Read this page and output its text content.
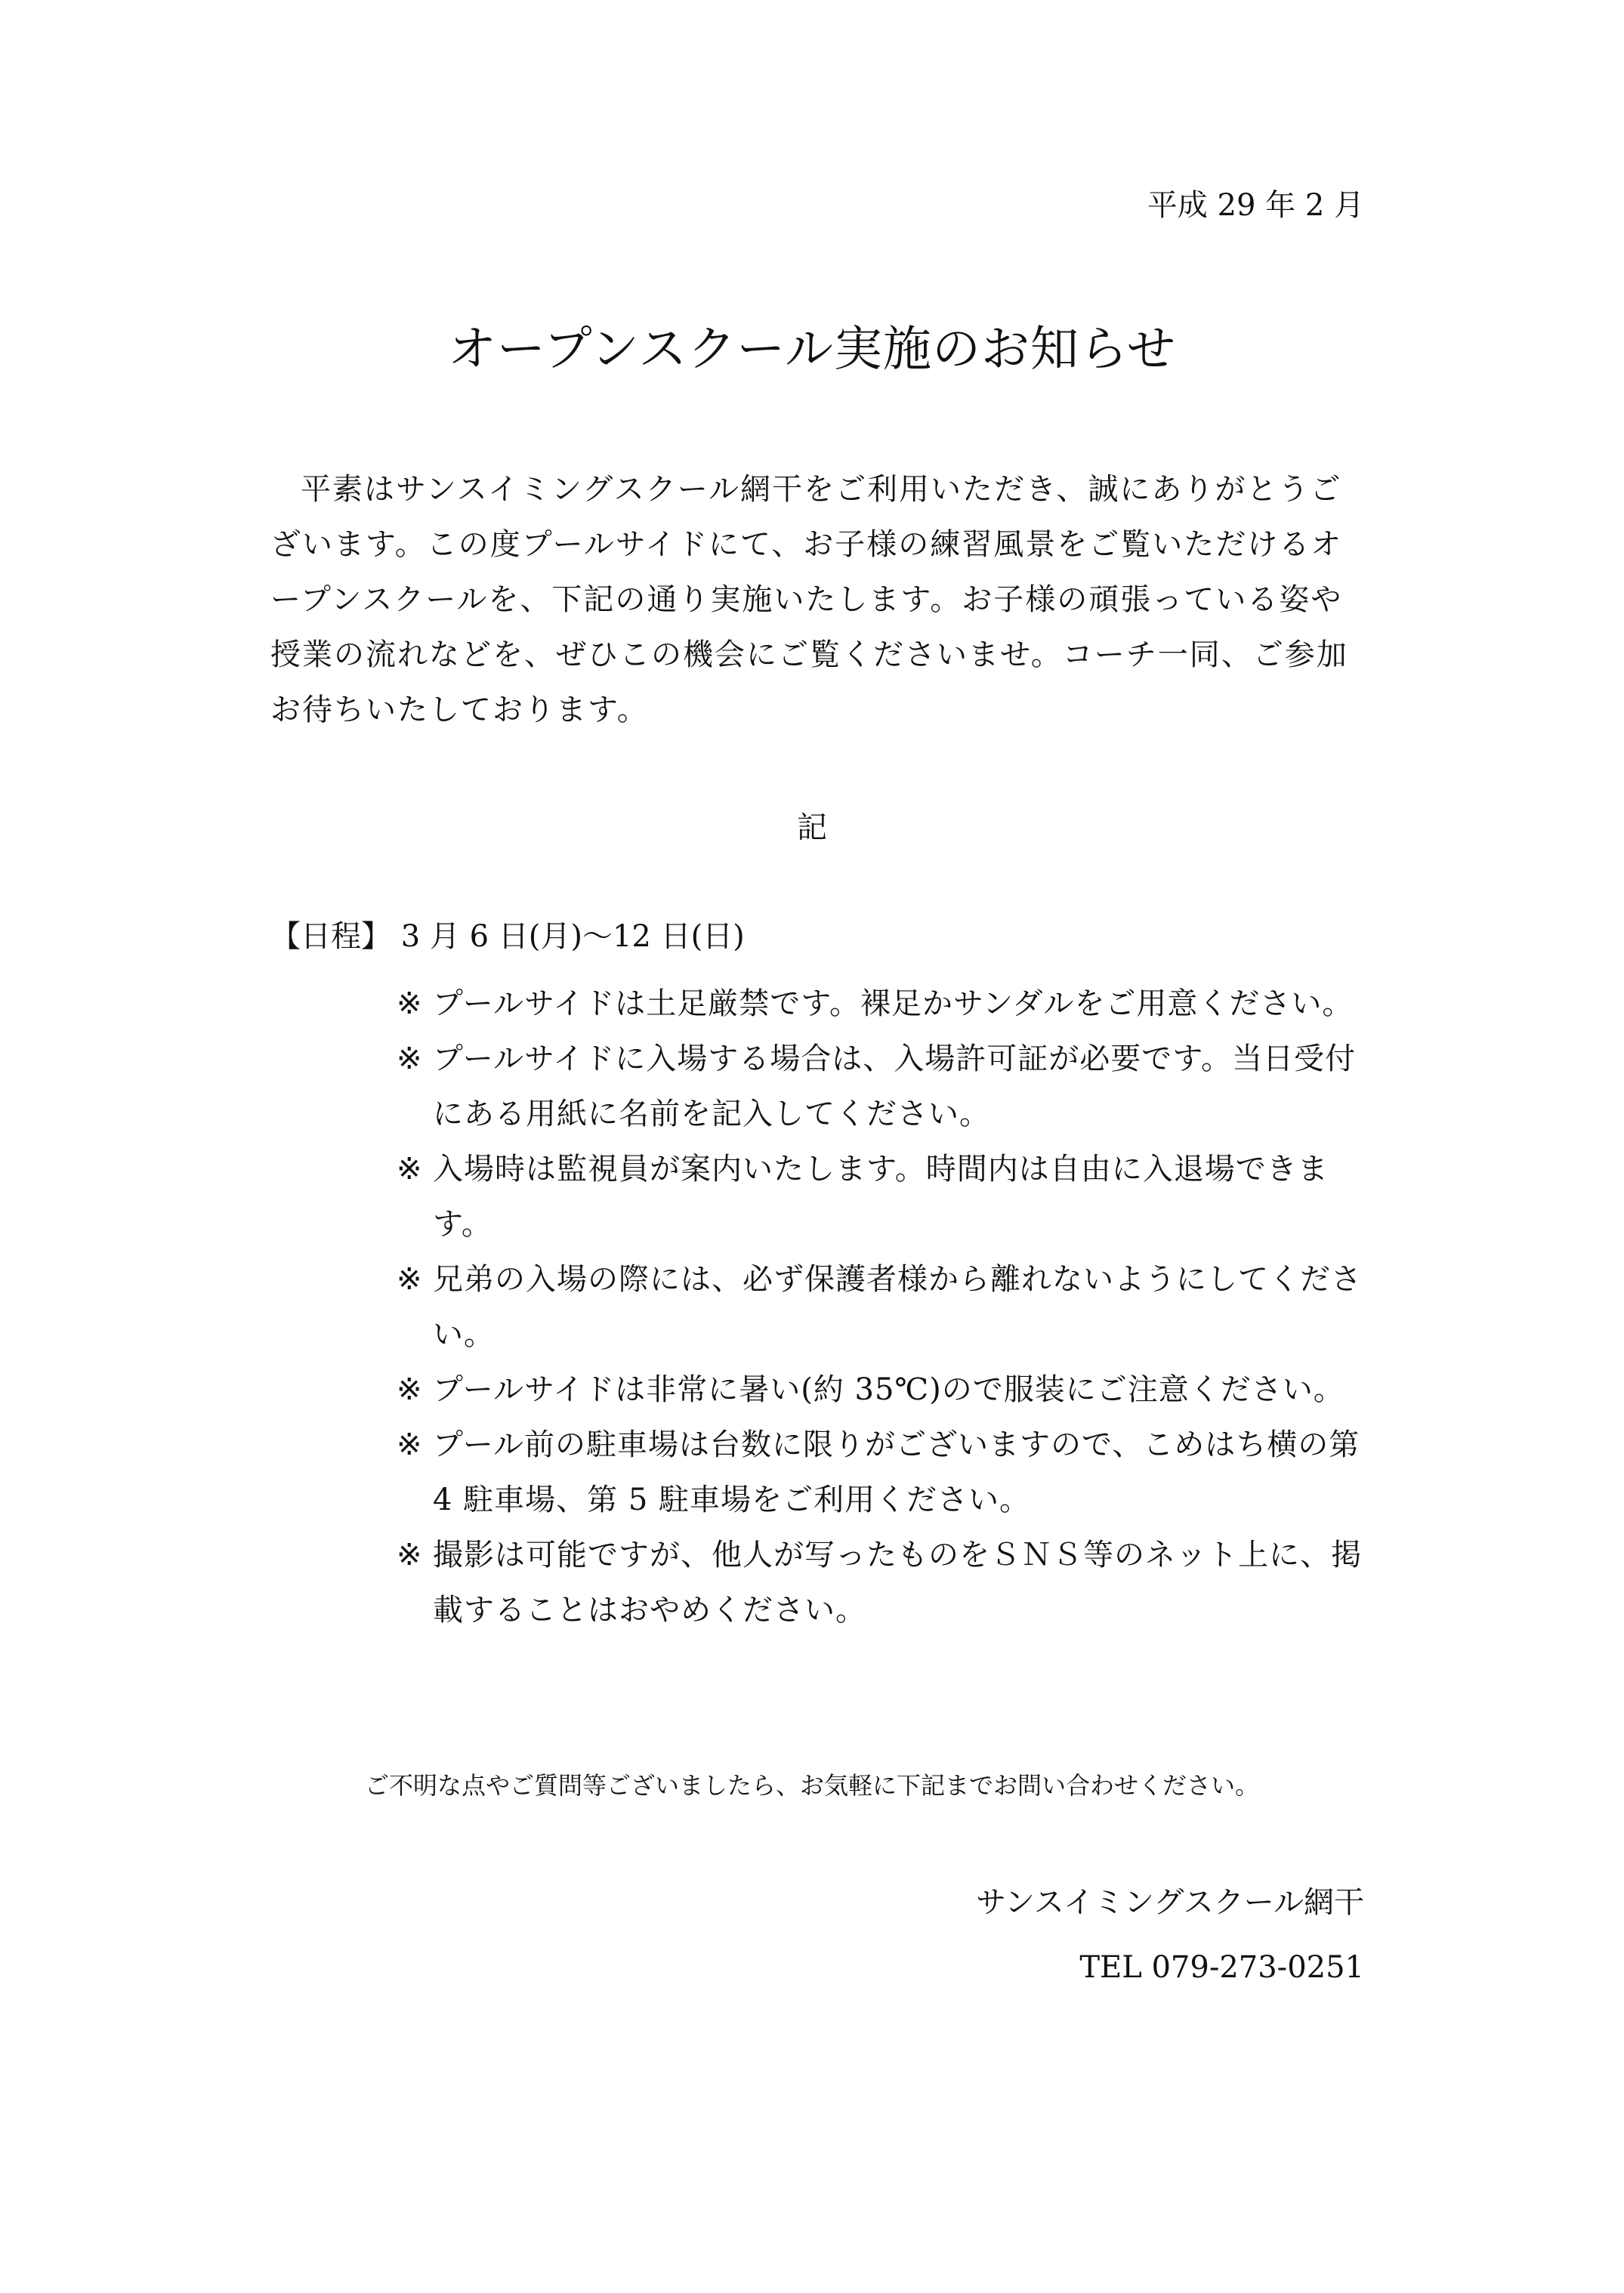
平成 29 年 2 月
オープンスクール実施のお知らせ

平素はサンスイミングスクール網干をご利用いただき、誠にありがとうございます。この度プールサイドにて、お子様の練習風景をご覧いただけるオープンスクールを、下記の通り実施いたします。お子様の頑張っている姿や授業の流れなどを、ぜひこの機会にご覧くださいませ。コーチ一同、ご参加お待ちいたしております。

記
【日程】 3 月 6 日(月)～12 日(日)
※ プールサイドは土足厳禁です。裸足かサンダルをご用意ください。
※ プールサイドに入場する場合は、入場許可証が必要です。当日受付にある用紙に名前を記入してください。
※ 入場時は監視員が案内いたします。時間内は自由に入退場できます。
※ 兄弟の入場の際には、必ず保護者様から離れないようにしてください。
※ プールサイドは非常に暑い(約 35℃)ので服装にご注意ください。
※ プール前の駐車場は台数に限りがございますので、こめはち横の第 4 駐車場、第 5 駐車場をご利用ください。
※ 撮影は可能ですが、他人が写ったものをＳＮＳ等のネット上に、掲載することはおやめください。
ご不明な点やご質問等ございましたら、お気軽に下記までお問い合わせください。
サンスイミングスクール網干
TEL 079-273-0251
